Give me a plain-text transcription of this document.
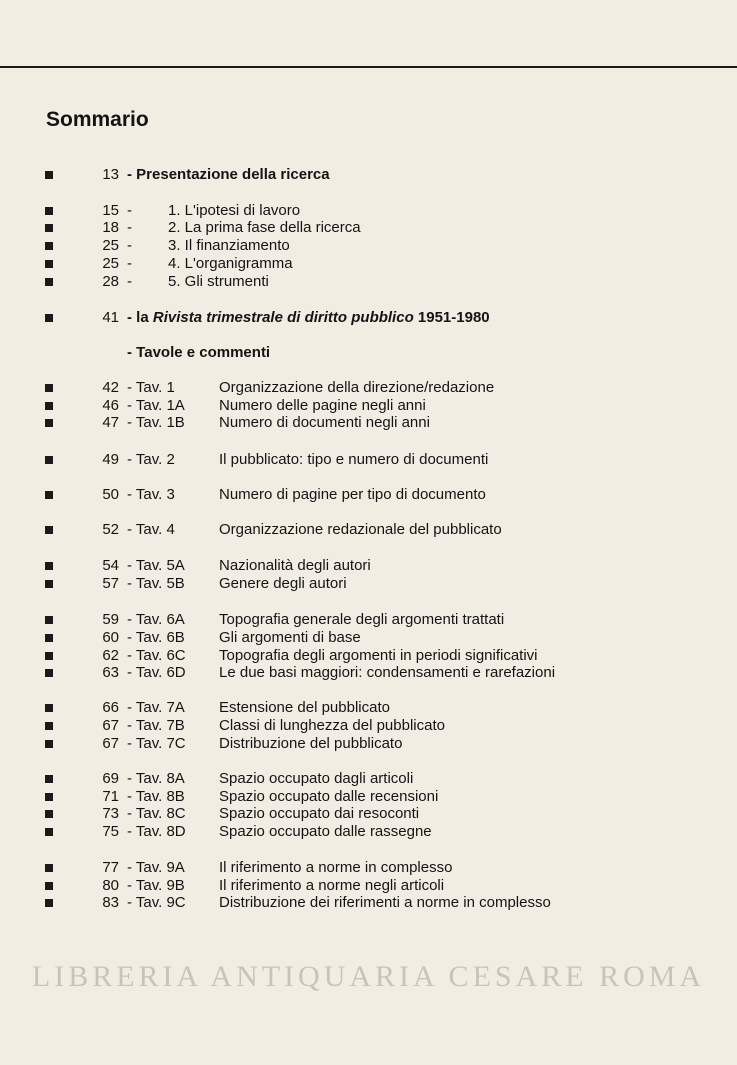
LIBRERIA ANTIQUARIA CESARE ROMA
Sommario
13 - Presentazione della ricerca
15 - 1. L'ipotesi di lavoro
18 - 2. La prima fase della ricerca
25 - 3. Il finanziamento
25 - 4. L'organigramma
28 - 5. Gli strumenti
41 - la Rivista trimestrale di diritto pubblico 1951-1980
- Tavole e commenti
42 - Tav. 1	Organizzazione della direzione/redazione
46 - Tav. 1A Numero delle pagine negli anni
47 - Tav. 1B Numero di documenti negli anni
49 - Tav. 2	Il pubblicato: tipo e numero di documenti
50 - Tav. 3	Numero di pagine per tipo di documento
52 - Tav. 4	Organizzazione redazionale del pubblicato
54 - Tav. 5A Nazionalità degli autori
57 - Tav. 5B Genere degli autori
59 - Tav. 6A Topografia generale degli argomenti trattati
60 - Tav. 6B Gli argomenti di base
62 - Tav. 6C Topografia degli argomenti in periodi significativi
63 - Tav. 6D Le due basi maggiori: condensamenti e rarefazioni
66 - Tav. 7A Estensione del pubblicato
67 - Tav. 7B Classi di lunghezza del pubblicato
67 - Tav. 7C Distribuzione del pubblicato
69 - Tav. 8A Spazio occupato dagli articoli
71 - Tav. 8B Spazio occupato dalle recensioni
73 - Tav. 8C Spazio occupato dai resoconti
75 - Tav. 8D Spazio occupato dalle rassegne
77 - Tav. 9A Il riferimento a norme in complesso
80 - Tav. 9B Il riferimento a norme negli articoli
83 - Tav. 9C Distribuzione dei riferimenti a norme in complesso
